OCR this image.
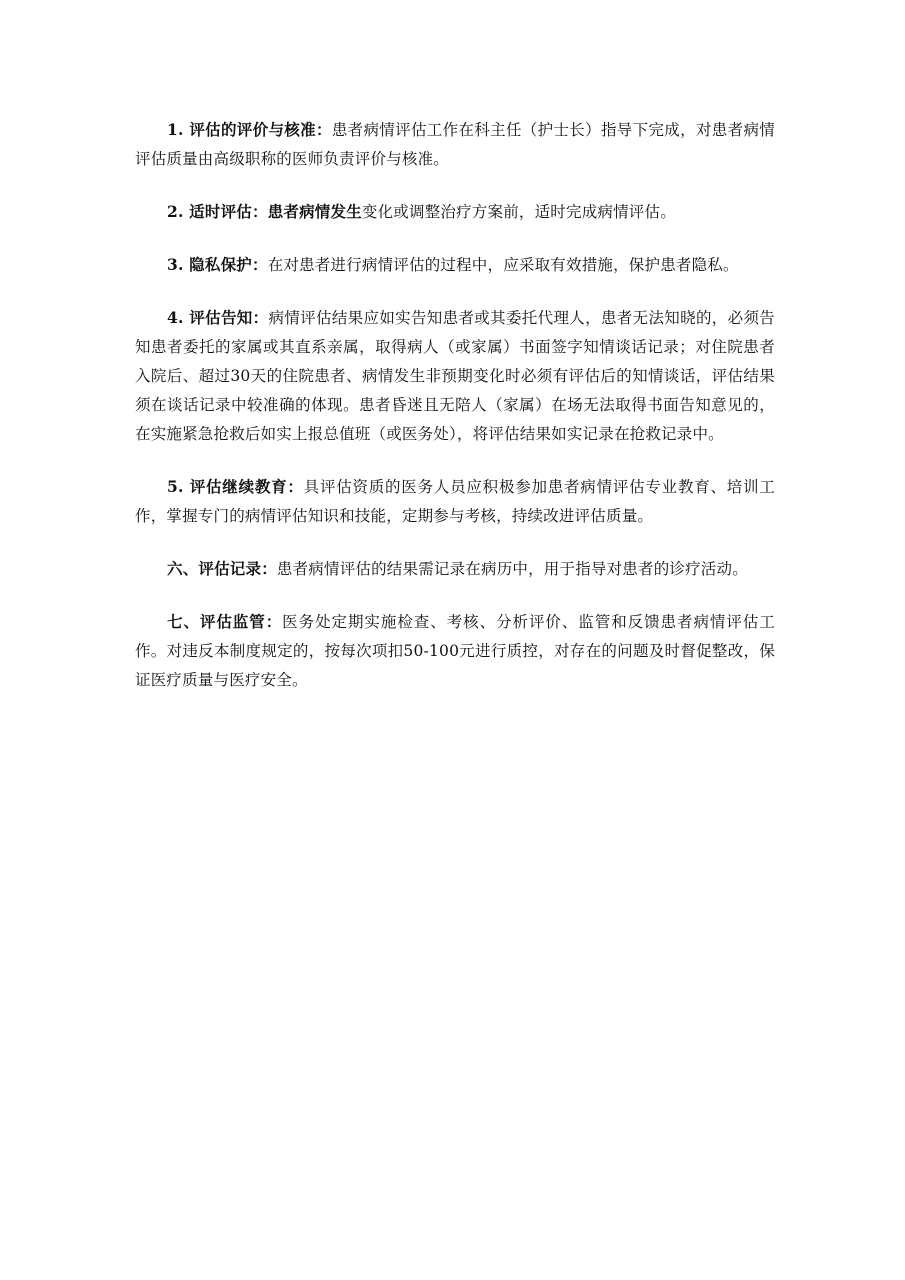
1. 评估的评价与核准：患者病情评估工作在科主任（护士长）指导下完成，对患者病情评估质量由高级职称的医师负责评价与核准。

2. 适时评估：患者病情发生变化或调整治疗方案前，适时完成病情评估。

3. 隐私保护：在对患者进行病情评估的过程中，应采取有效措施，保护患者隐私。

4. 评估告知：病情评估结果应如实告知患者或其委托代理人，患者无法知晓的，必须告知患者委托的家属或其直系亲属，取得病人（或家属）书面签字知情谈话记录；对住院患者入院后、超过30天的住院患者、病情发生非预期变化时必须有评估后的知情谈话，评估结果须在谈话记录中较准确的体现。患者昏迷且无陪人（家属）在场无法取得书面告知意见的，在实施紧急抢救后如实上报总值班（或医务处），将评估结果如实记录在抢救记录中。

5. 评估继续教育：具评估资质的医务人员应积极参加患者病情评估专业教育、培训工作，掌握专门的病情评估知识和技能，定期参与考核，持续改进评估质量。

六、评估记录：患者病情评估的结果需记录在病历中，用于指导对患者的诊疗活动。

七、评估监管：医务处定期实施检查、考核、分析评价、监管和反馈患者病情评估工作。对违反本制度规定的，按每次项扣50-100元进行质控，对存在的问题及时督促整改，保证医疗质量与医疗安全。
